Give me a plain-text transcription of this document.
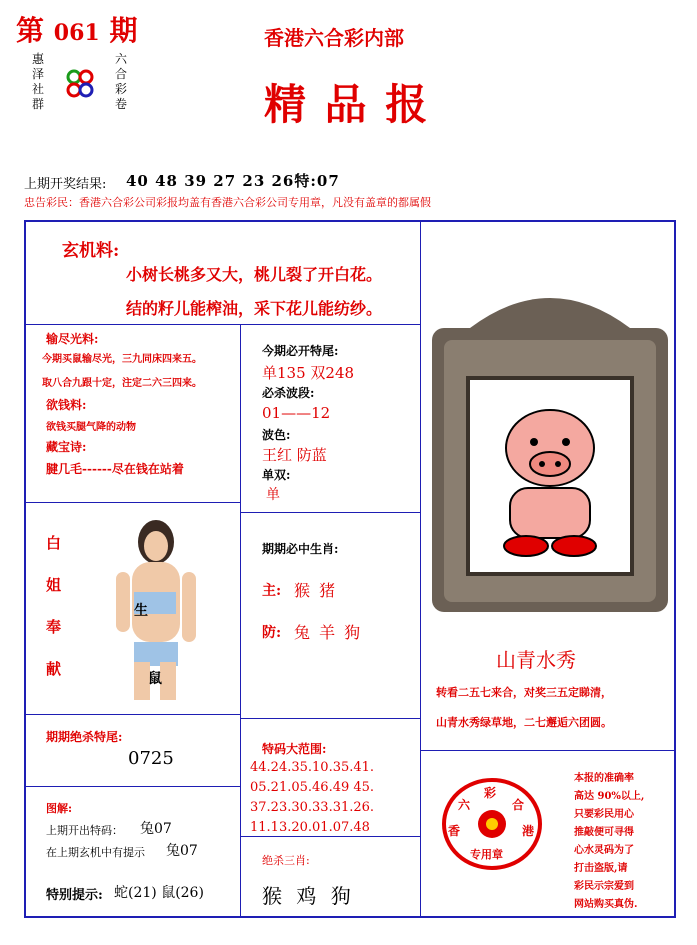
第 061 期
惠
泽
社
群
六
合
彩
卷
香港六合彩内部
精 品 报
上期开奖结果: 40 48 39 27 23 26特:07
忠告彩民：香港六合彩公司彩报均盖有香港六合彩公司专用章，凡没有盖章的都属假
玄机料:
小树长桃多又大，桃儿裂了开白花。
结的籽儿能榨油，采下花儿能纺纱。
输尽光料:
今期买鼠输尽光，三九同床四来五。
取八合九跟十定，注定二六三四来。
欲钱料:
欲钱买腿气降的动物
藏宝诗:
腱几毛------尽在钱在站着
今期必开特尾:
单135 双248
必杀波段:
01——12
波色:
王红 防蓝
单双:
单
白
姐
奉
献
生
鼠
期期必中生肖:
主: 猴 猪
防: 兔 羊 狗
山青水秀
转看二五七来合，对奖三五定睇清，
山青水秀绿草地，二七邂逅六团圆。
期期绝杀特尾:
0725	特码大范围:
44.24.35.10.35.41.
05.21.05.46.49 45.
37.23.30.33.31.26.
11.13.20.01.07.48
图解:
上期开出特码： 兔07
在上期玄机中有提示 兔07
特别提示: 蛇(21) 鼠(26)
绝杀三肖:
猴 鸡 狗
六
彩
合
香	港
专用章
本报的准确率
高达 90%以上,
只要彩民用心
推敲便可寻得
心水灵码为了
打击盗版,请
彩民示宗爱到
网站购买真伪.
